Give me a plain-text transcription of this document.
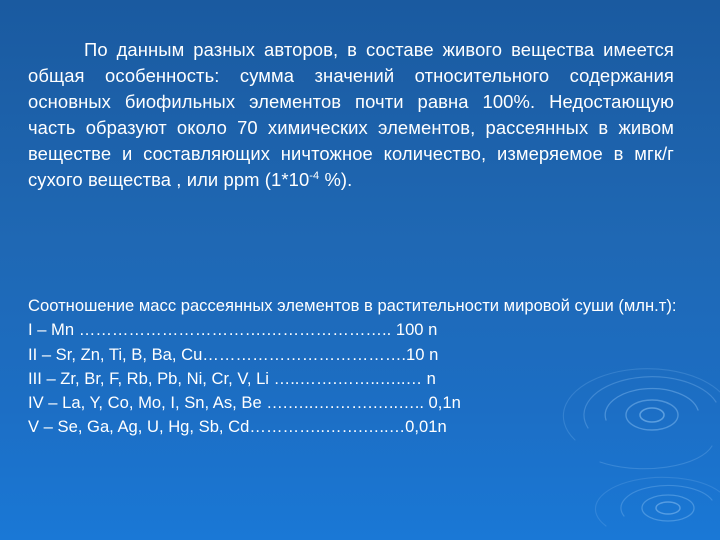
По данным разных авторов, в составе живого вещества имеется общая особенность: сумма значений относительного содержания основных биофильных элементов почти равна 100%. Недостающую часть образуют около 70 химических элементов, рассеянных в живом веществе и составляющих ничтожное количество, измеряемое в мгк/г сухого вещества , или ppm ($1*10^{-4}$ %).
Соотношение масс рассеянных элементов в растительности мировой суши (млн.т):
I – Mn …………………………….………………….. 100 n
II – Sr, Zn, Ti, B, Ba, Cu……………………………….10 n
III – Zr, Br, F, Rb, Pb, Ni, Cr, V, Li …..…….……..…..… n
IV – La, Y, Co, Mo, I, Sn, As, Be ….…..….…….…..….. 0,1n
V – Se, Ga, Ag, U, Hg, Sb, Cd…………..…….…..…0,01n
